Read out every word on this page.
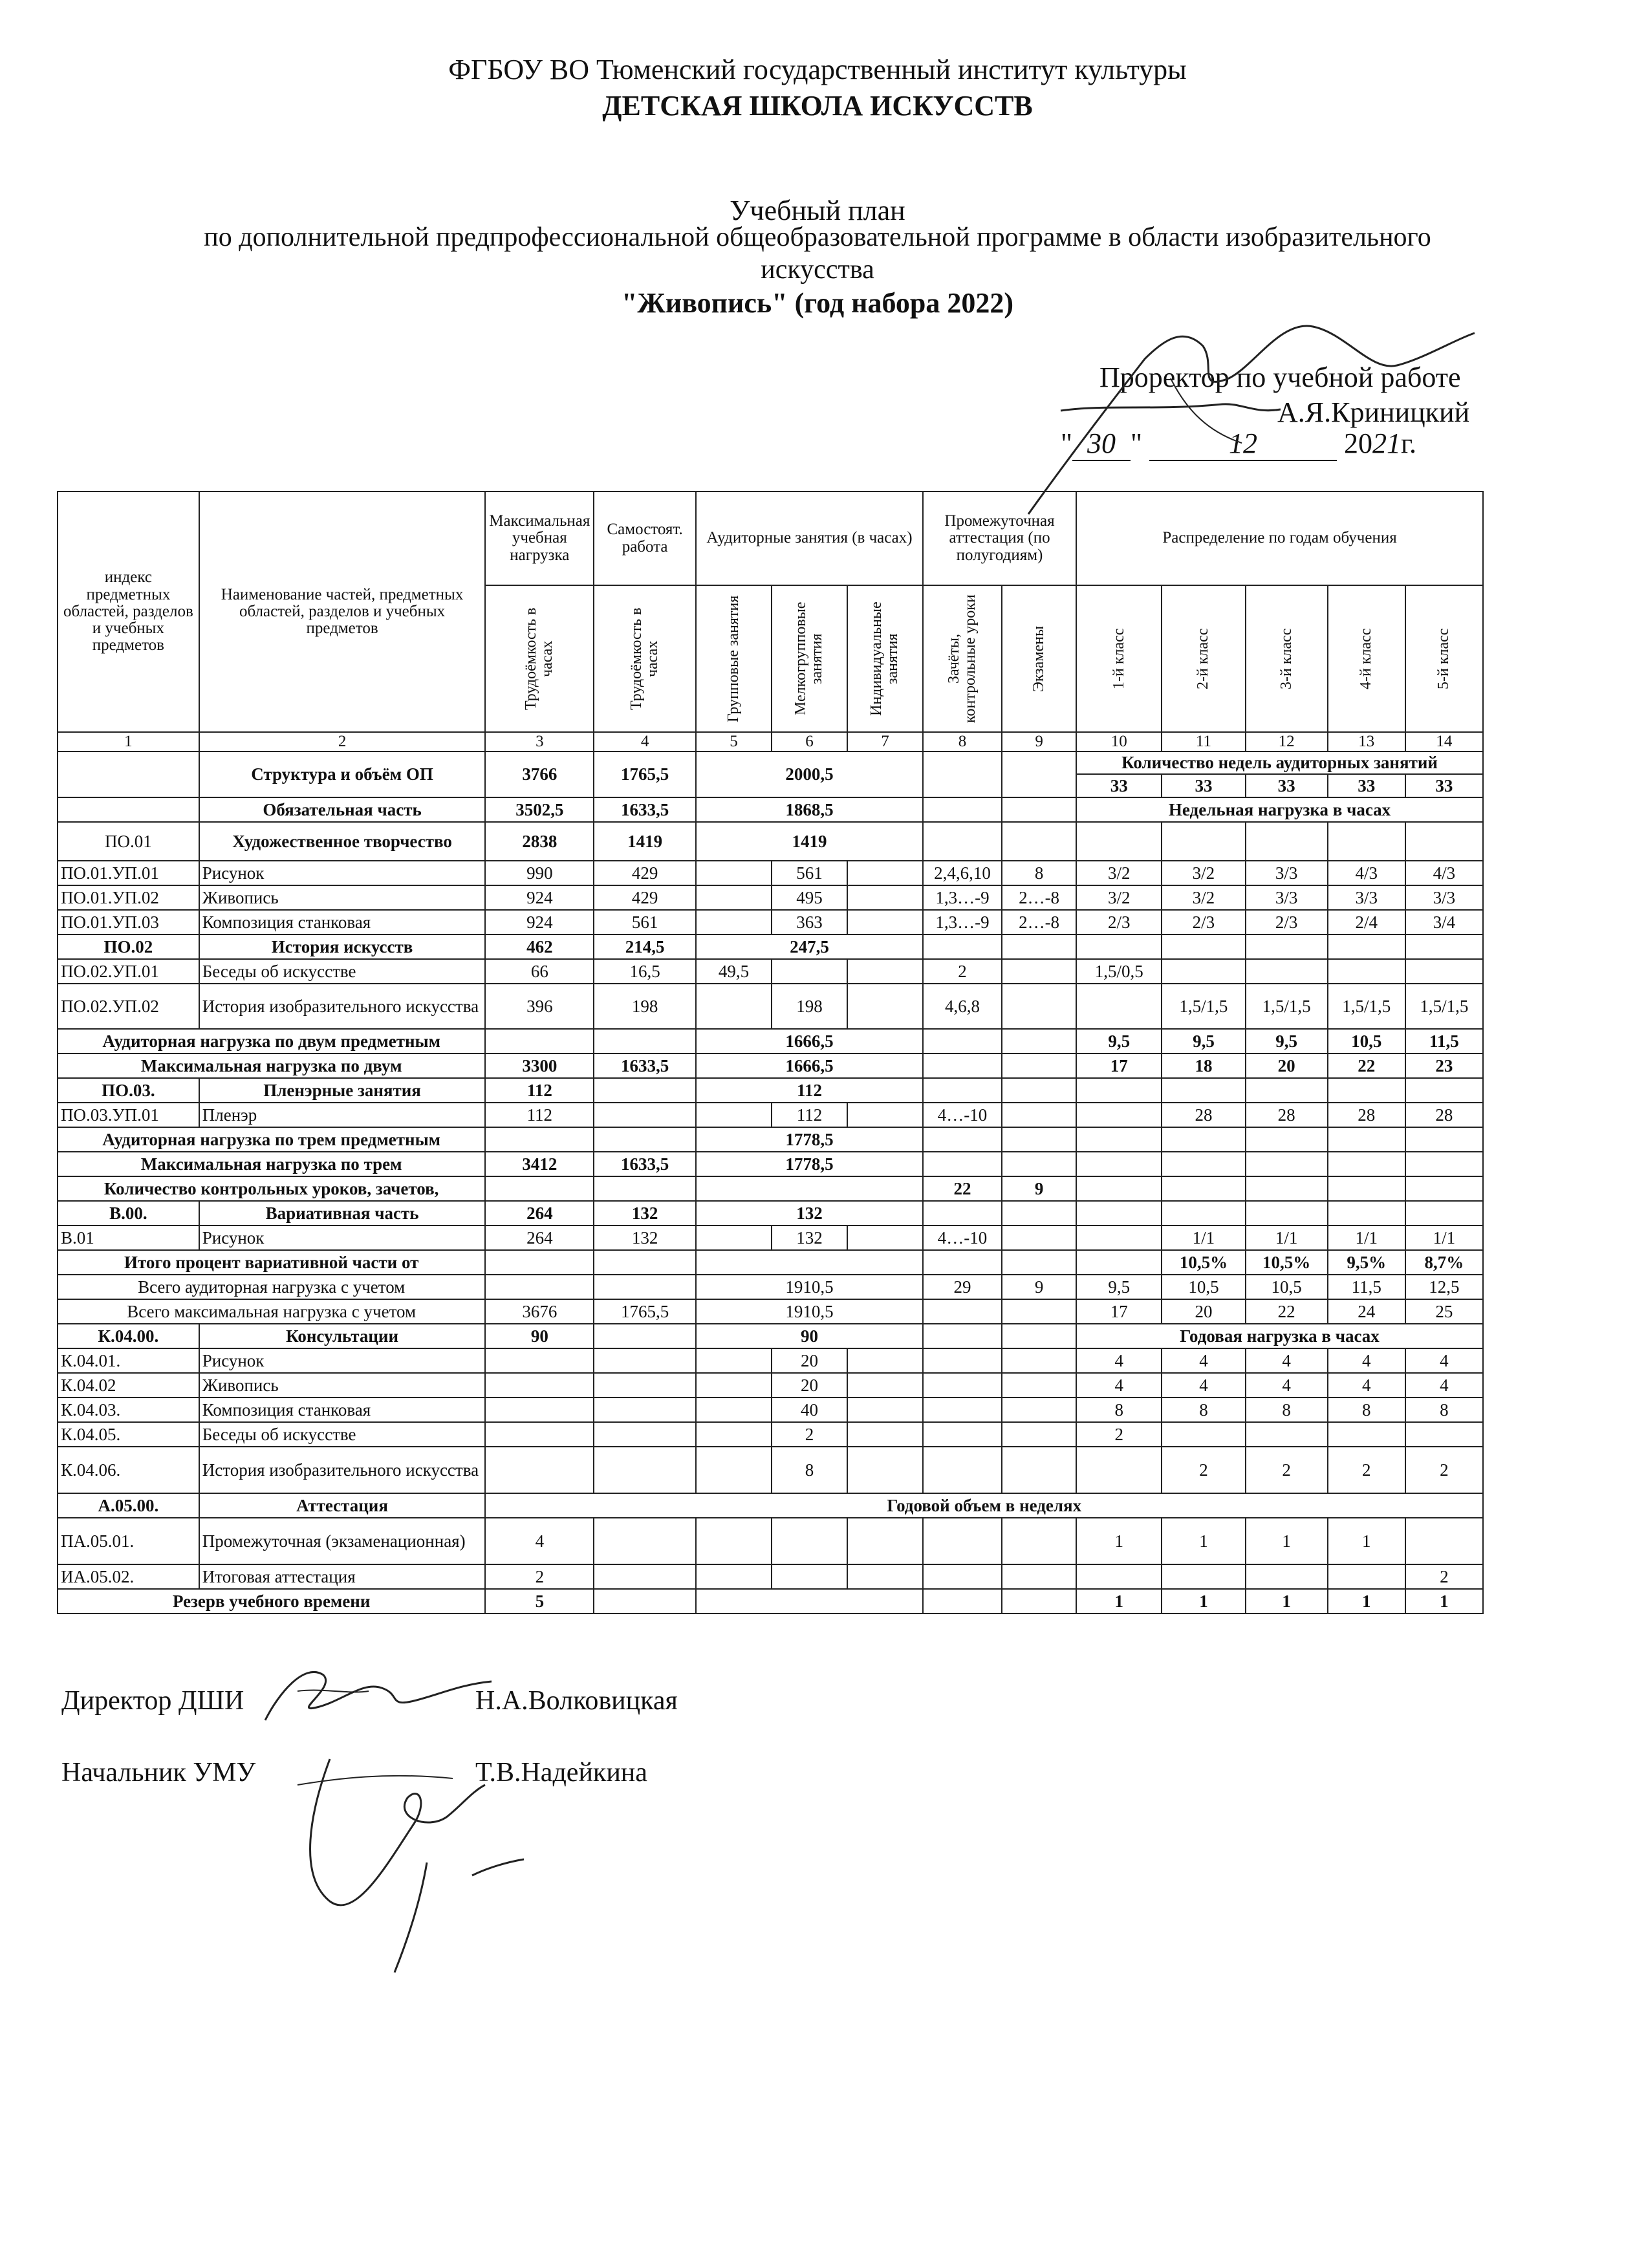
ФГБОУ ВО Тюменский государственный институт культуры
ДЕТСКАЯ ШКОЛА ИСКУССТВ
Учебный план
по дополнительной предпрофессиональной общеобразовательной программе в области изобразительного
искусства
"Живопись" (год набора 2022)
Проректор по учебной работе
А.Я.Криницкий
" 30 "	12	2021г.
индекс предметных областей, разделов и учебных предметов	Наименование частей, предметных областей, разделов и учебных предметов	Максимальная учебная нагрузка	Самостоят. работа	Аудиторные занятия (в часах)			Промежуточная аттестация (по полугодиям)		Распределение по годам обучения				

		Трудоёмкость в часах	Трудоёмкость в часах	Групповые занятия	Мелкогрупповые занятия	Индивидуальные занятия	Зачёты, контрольные уроки	Экзамены	1-й класс	2-й класс	3-й класс	4-й класс	5-й класс

1	2	3	4	5	6	7	8	9	10	11	12	13	14
	Структура и объём ОП	3766	1765,5	2000,5					Количество недель аудиторных занятий				
									33	33	33	33	33
	Обязательная часть	3502,5	1633,5	1868,5					Недельная нагрузка в часах				
ПО.01	Художественное творчество	2838	1419	1419									
ПО.01.УП.01	Рисунок	990	429		561		2,4,6,10	8	3/2	3/2	3/3	4/3	4/3
ПО.01.УП.02	Живопись	924	429		495		1,3…-9	2…-8	3/2	3/2	3/3	3/3	3/3
ПО.01.УП.03	Композиция станковая	924	561		363		1,3…-9	2…-8	2/3	2/3	2/3	2/4	3/4
ПО.02	История искусств	462	214,5	247,5									
ПО.02.УП.01	Беседы об искусстве	66	16,5	49,5			2		1,5/0,5				
ПО.02.УП.02	История изобразительного искусства	396	198		198		4,6,8			1,5/1,5	1,5/1,5	1,5/1,5	1,5/1,5
Аудиторная нагрузка по двум предметным				1666,5					9,5	9,5	9,5	10,5	11,5
Максимальная нагрузка по двум		3300	1633,5	1666,5					17	18	20	22	23
ПО.03.	Пленэрные занятия	112		112									
ПО.03.УП.01	Пленэр	112			112		4…-10			28	28	28	28
Аудиторная нагрузка по трем предметным				1778,5									
Максимальная нагрузка по трем		3412	1633,5	1778,5									
Количество контрольных уроков, зачетов,							22	9					
В.00.	Вариативная часть	264	132	132									
В.01	Рисунок	264	132		132		4…-10			1/1	1/1	1/1	1/1
Итого процент вариативной части от										10,5%	10,5%	9,5%	8,7%
Всего аудиторная нагрузка с учетом				1910,5			29	9	9,5	10,5	10,5	11,5	12,5
Всего максимальная нагрузка с учетом		3676	1765,5	1910,5					17	20	22	24	25
К.04.00.	Консультации	90		90					Годовая нагрузка в часах				
К.04.01.	Рисунок				20				4	4	4	4	4
К.04.02	Живопись				20				4	4	4	4	4
К.04.03.	Композиция станковая				40				8	8	8	8	8
К.04.05.	Беседы об искусстве				2				2				
К.04.06.	История изобразительного искусства				8					2	2	2	2
А.05.00.	Аттестация	Годовой объем в неделях											
ПА.05.01.	Промежуточная (экзаменационная)	4							1	1	1	1	
ИА.05.02.	Итоговая аттестация	2											2
Резерв учебного времени		5							1	1	1	1	1
Директор ДШИ	Н.А.Волковицкая
Начальник УМУ	Т.В.Надейкина
